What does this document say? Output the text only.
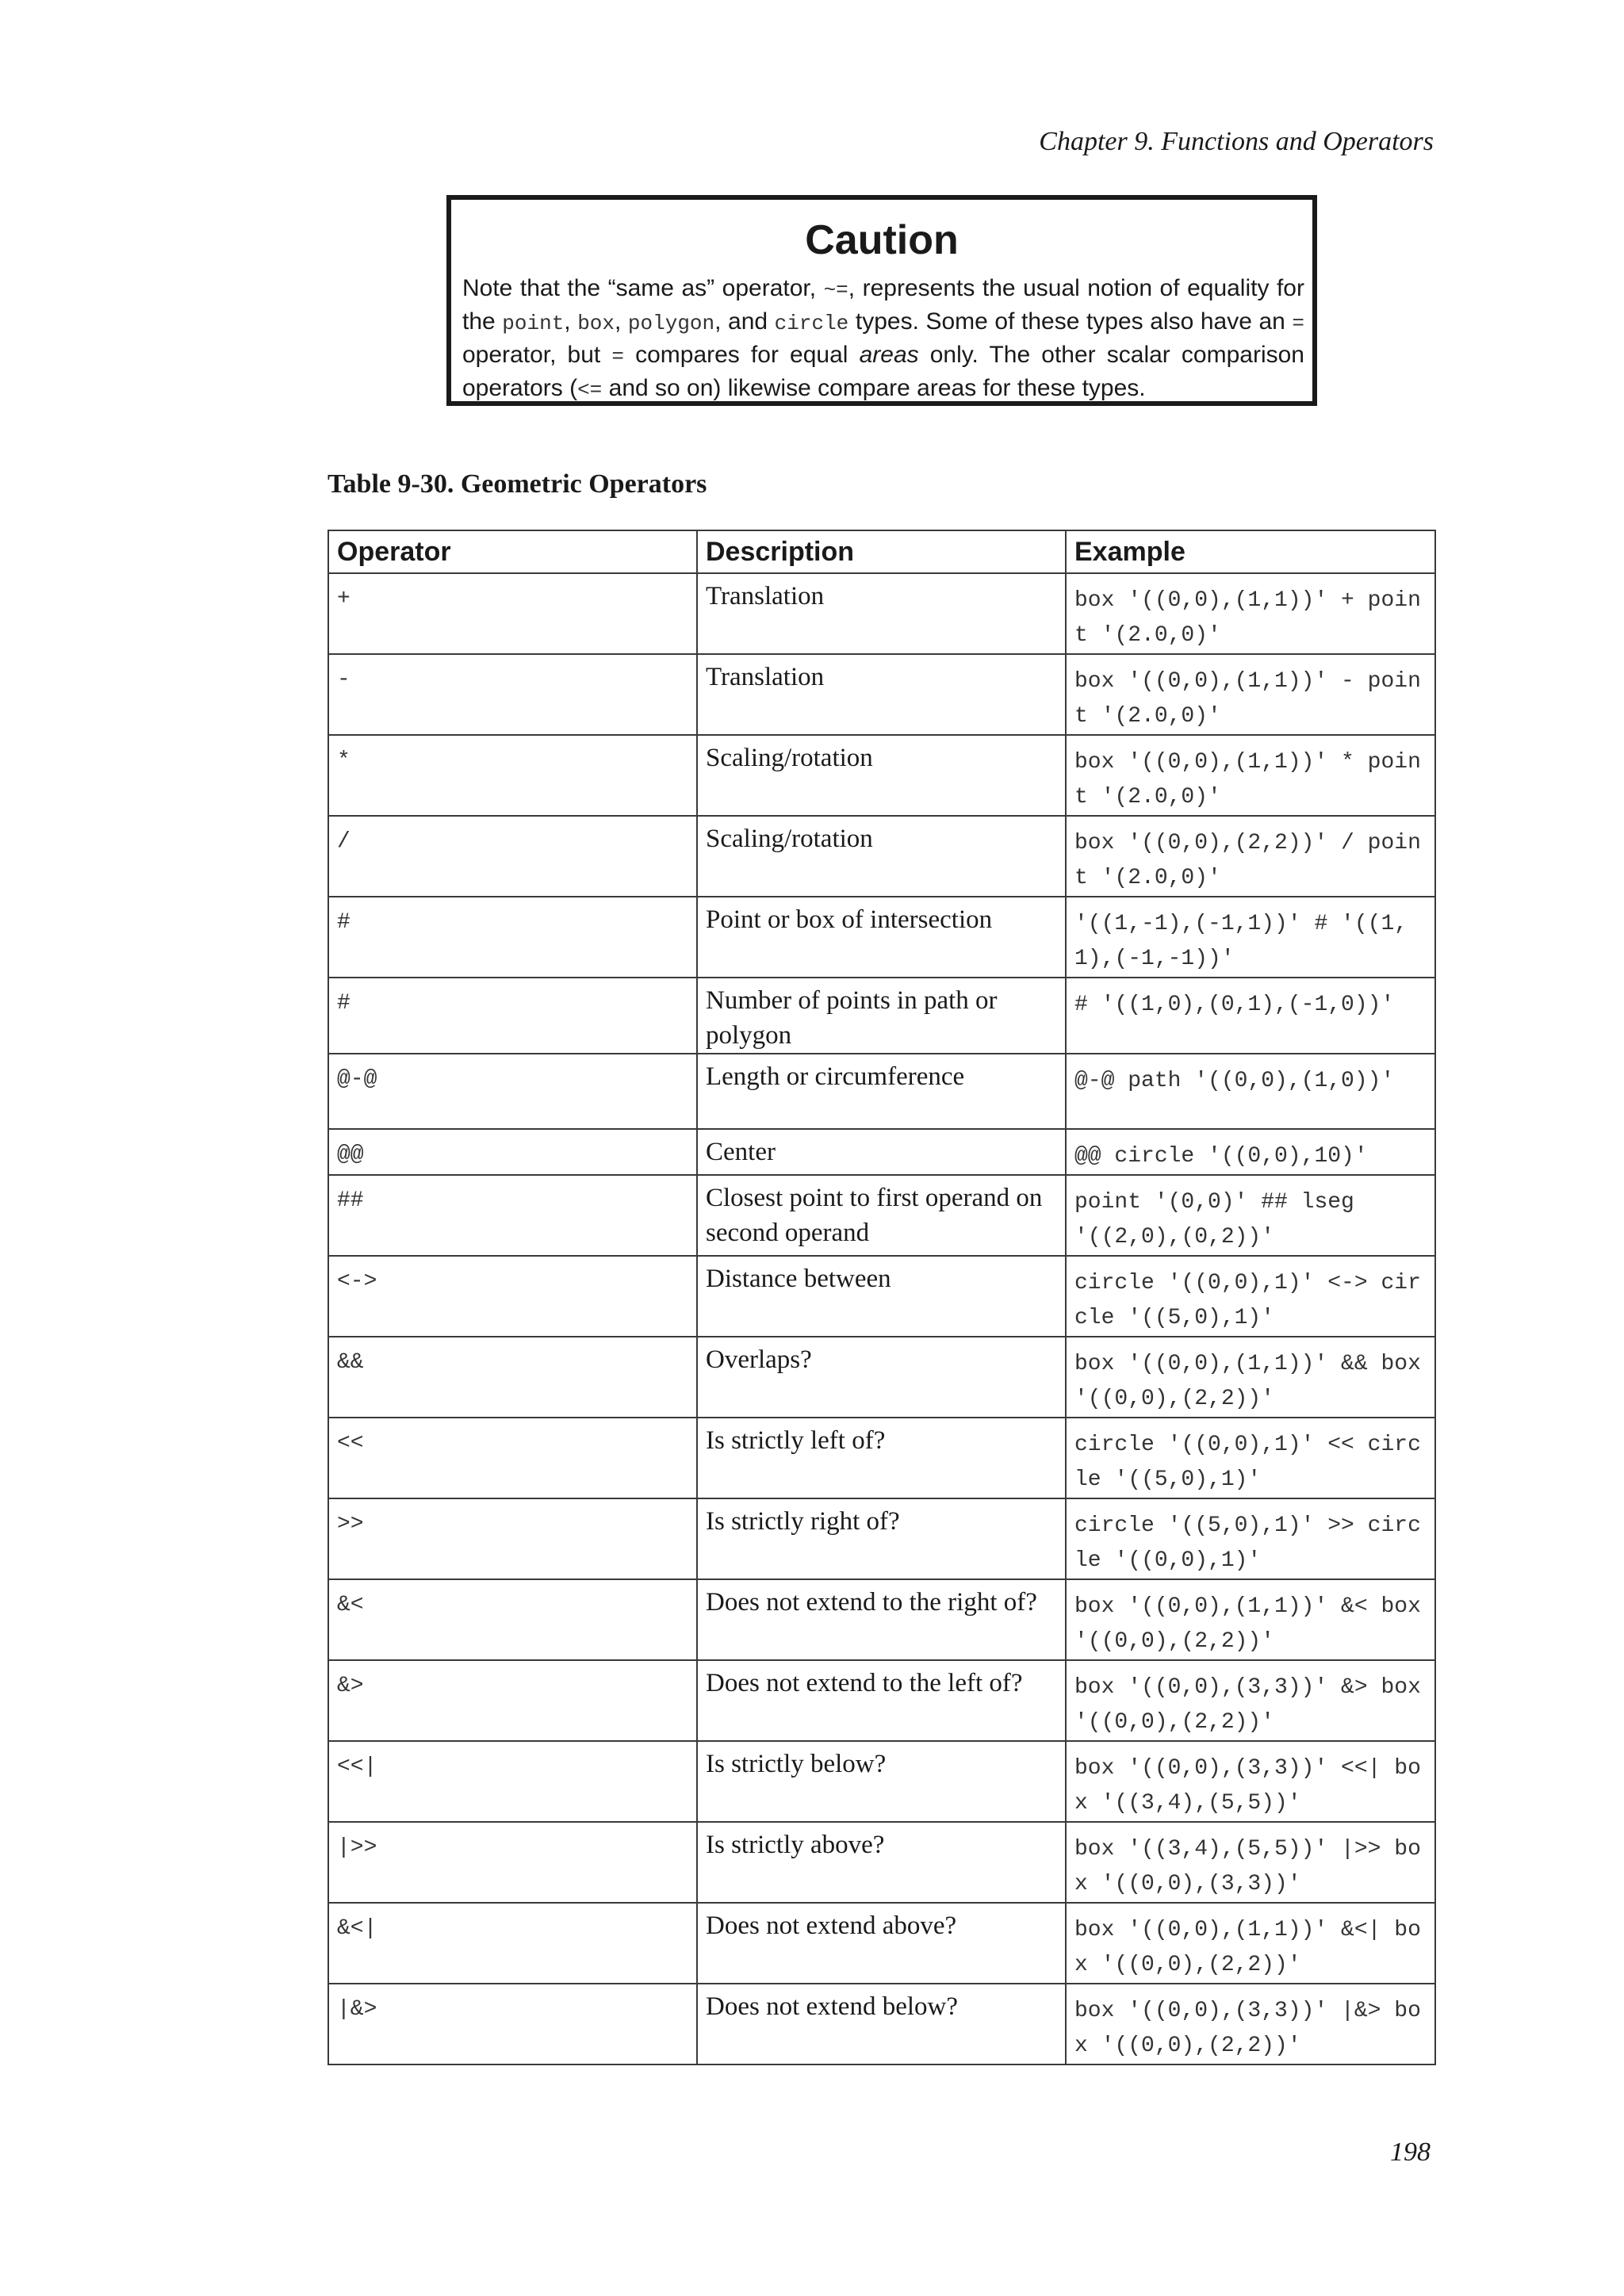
Chapter 9. Functions and Operators
Caution
Note that the “same as” operator, ~=, represents the usual notion of equality for the point, box, polygon, and circle types. Some of these types also have an = operator, but = compares for equal areas only. The other scalar comparison operators (<= and so on) likewise compare areas for these types.
Table 9-30. Geometric Operators
Operator	Description	Example
+	Translation	box '((0,0),(1,1))' + point '(2.0,0)'
-	Translation	box '((0,0),(1,1))' - point '(2.0,0)'
*	Scaling/rotation	box '((0,0),(1,1))' * point '(2.0,0)'
/	Scaling/rotation	box '((0,0),(2,2))' / point '(2.0,0)'
#	Point or box of intersection	'((1,-1),(-1,1))' # '((1,1),(-1,-1))'
#	Number of points in path or polygon	# '((1,0),(0,1),(-1,0))'
@-@	Length or circumference	@-@ path '((0,0),(1,0))'
@@	Center	@@ circle '((0,0),10)'
##	Closest point to first operand on second operand	point '(0,0)' ## lseg '((2,0),(0,2))'
<->	Distance between	circle '((0,0),1)' <-> circle '((5,0),1)'
&&	Overlaps?	box '((0,0),(1,1))' && box '((0,0),(2,2))'
<<	Is strictly left of?	circle '((0,0),1)' << circle '((5,0),1)'
>>	Is strictly right of?	circle '((5,0),1)' >> circle '((0,0),1)'
&<	Does not extend to the right of?	box '((0,0),(1,1))' &< box '((0,0),(2,2))'
&>	Does not extend to the left of?	box '((0,0),(3,3))' &> box '((0,0),(2,2))'
<<|	Is strictly below?	box '((0,0),(3,3))' <<| box '((3,4),(5,5))'
|>>	Is strictly above?	box '((3,4),(5,5))' |>> box '((0,0),(3,3))'
&<|	Does not extend above?	box '((0,0),(1,1))' &<| box '((0,0),(2,2))'
|&>	Does not extend below?	box '((0,0),(3,3))' |&> box '((0,0),(2,2))'
198
